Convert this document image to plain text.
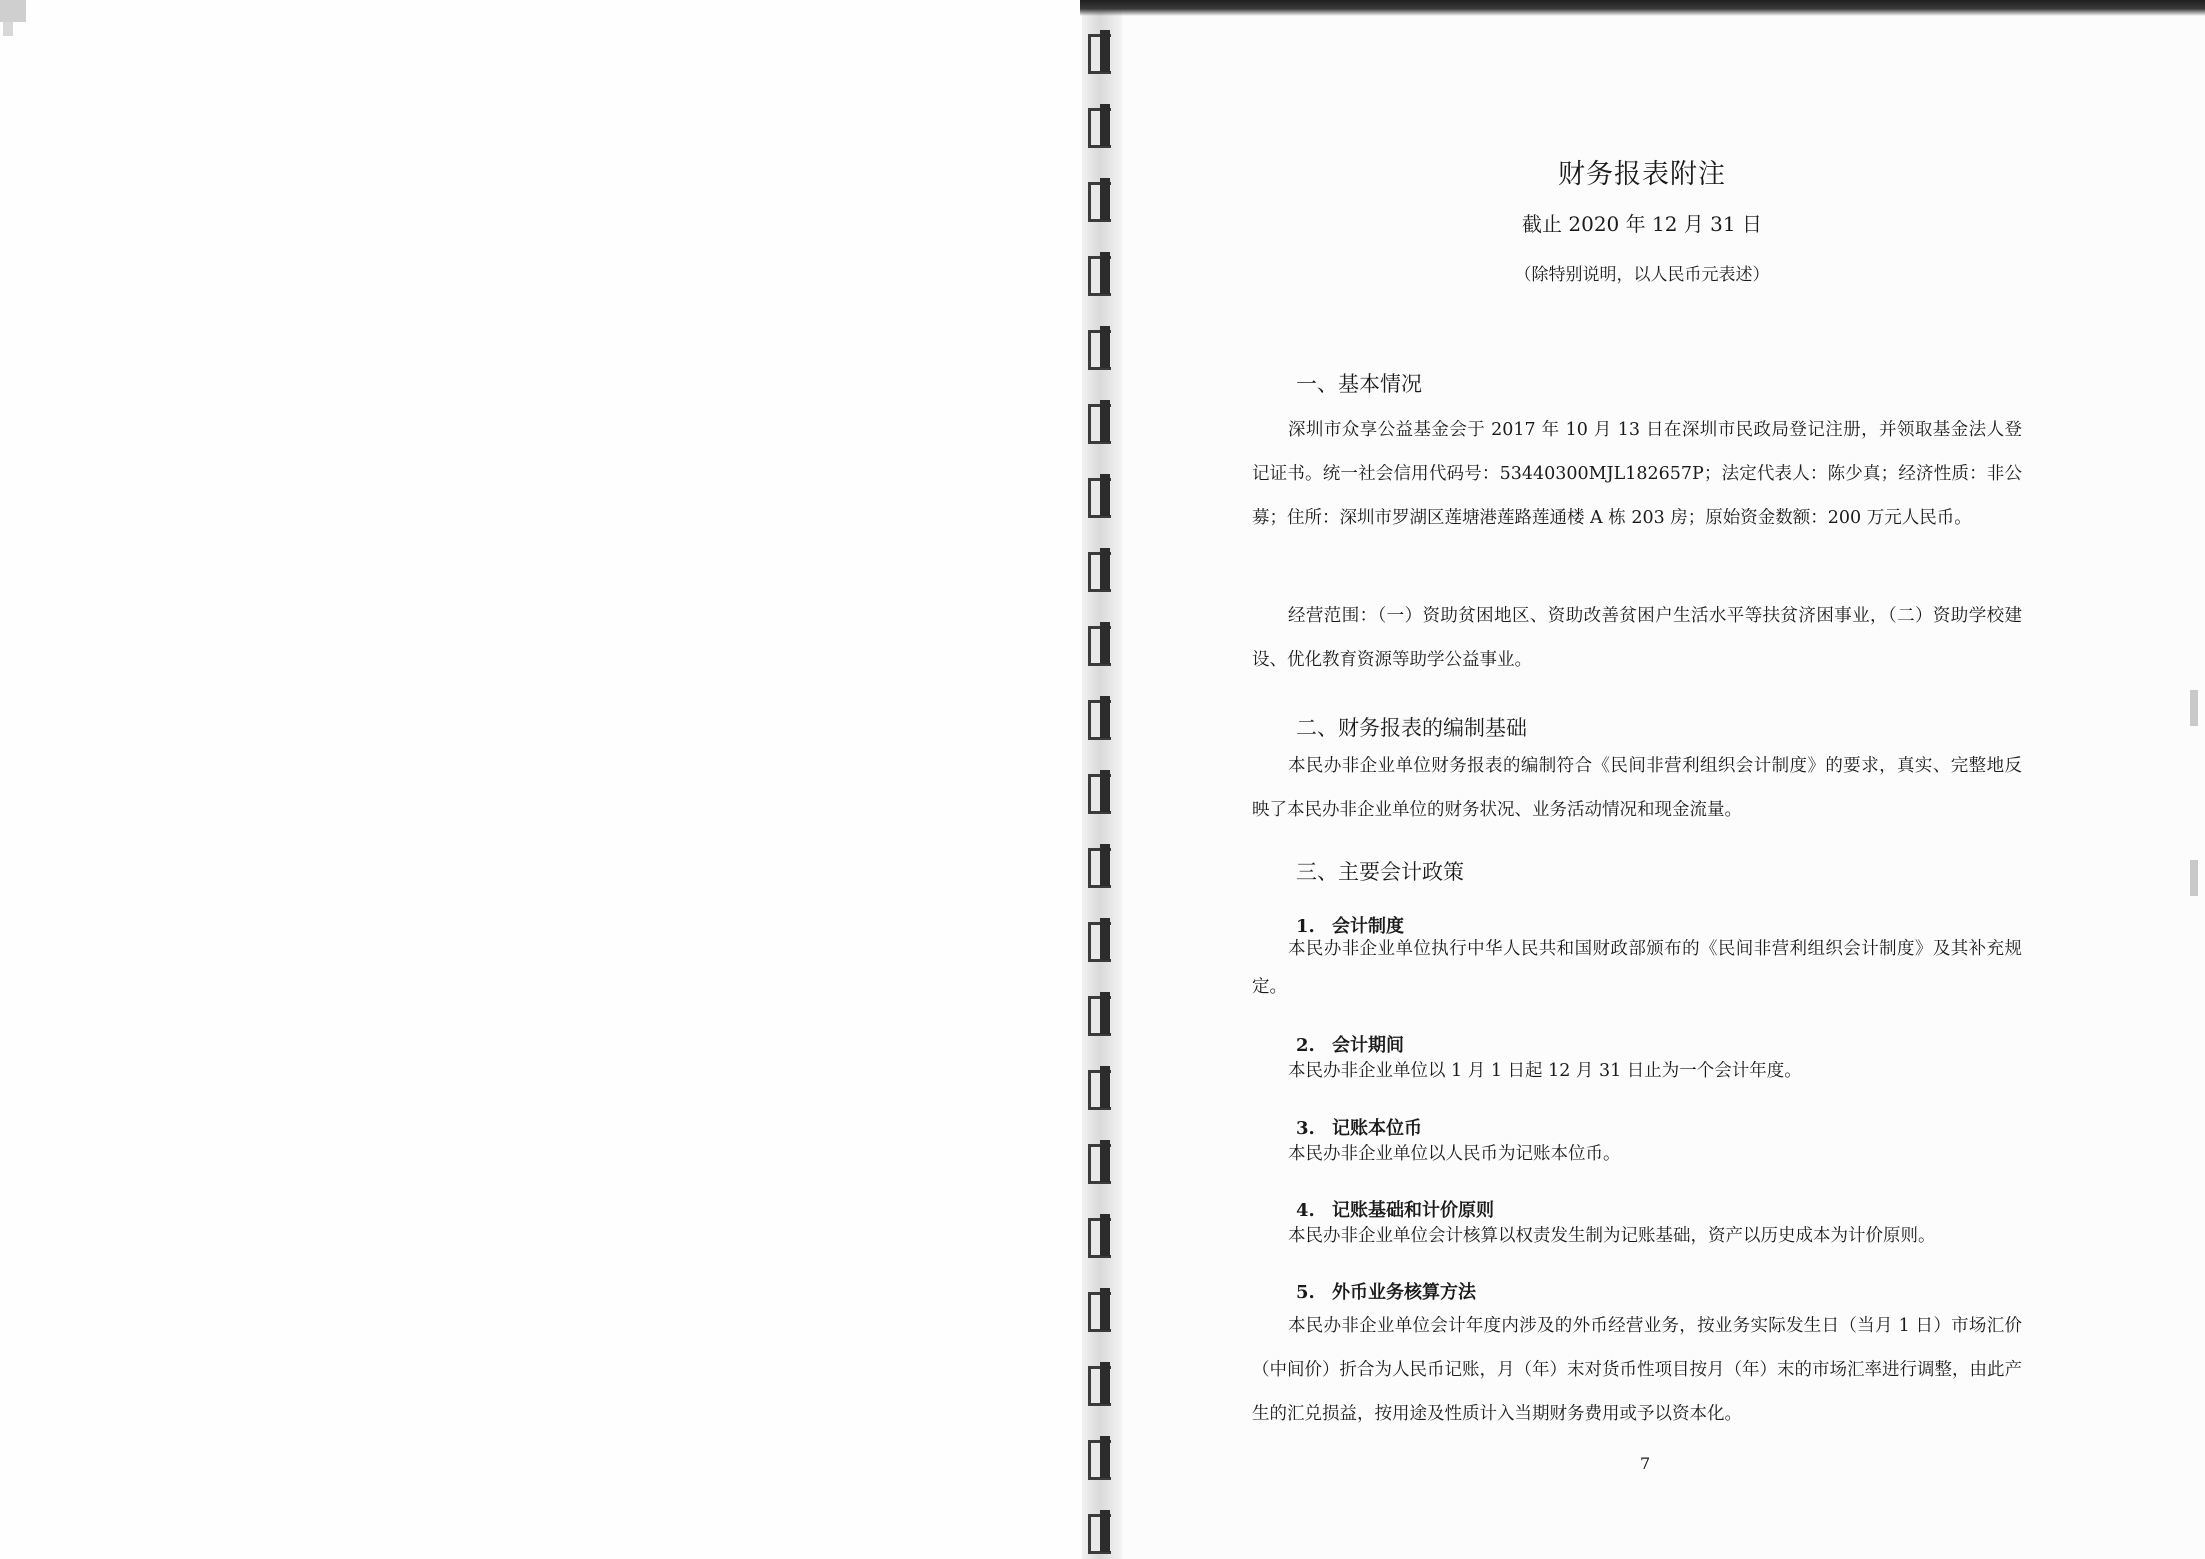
财务报表附注
截止 2020 年 12 月 31 日
（除特别说明，以人民币元表述）
一、基本情况
深圳市众享公益基金会于 2017 年 10 月 13 日在深圳市民政局登记注册，并领取基金法人登记证书。统一社会信用代码号：53440300MJL182657P；法定代表人：陈少真；经济性质：非公募；住所：深圳市罗湖区莲塘港莲路莲通楼 A 栋 203 房；原始资金数额：200 万元人民币。
经营范围：（一）资助贫困地区、资助改善贫困户生活水平等扶贫济困事业，（二）资助学校建设、优化教育资源等助学公益事业。
二、财务报表的编制基础
本民办非企业单位财务报表的编制符合《民间非营利组织会计制度》的要求，真实、完整地反映了本民办非企业单位的财务状况、业务活动情况和现金流量。
三、主要会计政策
1. 会计制度
本民办非企业单位执行中华人民共和国财政部颁布的《民间非营利组织会计制度》及其补充规定。
2. 会计期间
本民办非企业单位以 1 月 1 日起 12 月 31 日止为一个会计年度。
3. 记账本位币
本民办非企业单位以人民币为记账本位币。
4. 记账基础和计价原则
本民办非企业单位会计核算以权责发生制为记账基础，资产以历史成本为计价原则。
5. 外币业务核算方法
本民办非企业单位会计年度内涉及的外币经营业务，按业务实际发生日（当月 1 日）市场汇价（中间价）折合为人民币记账，月（年）末对货币性项目按月（年）末的市场汇率进行调整，由此产生的汇兑损益，按用途及性质计入当期财务费用或予以资本化。
7
